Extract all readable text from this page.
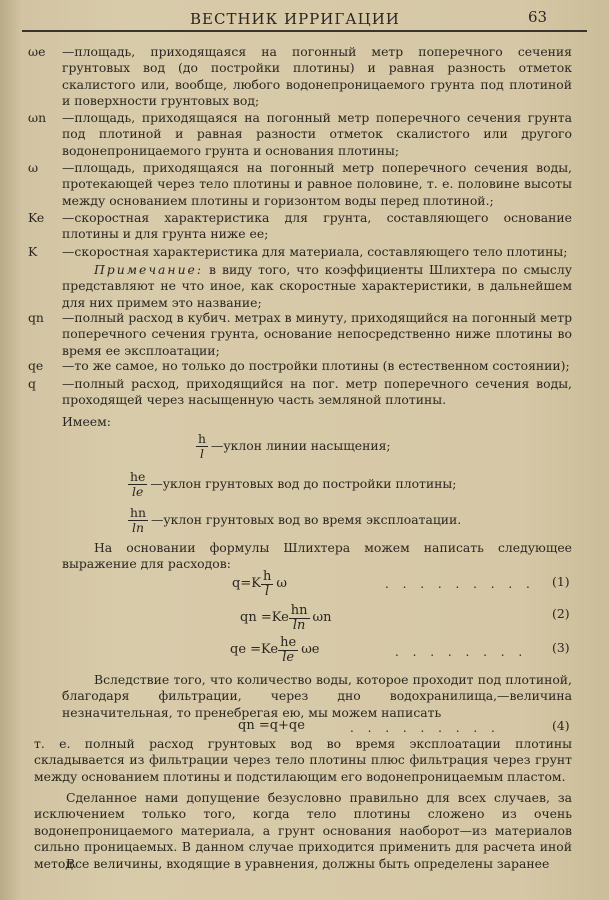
ВЕСТНИК ИРРИГАЦИИ	63
ωe —площадь, приходящаяся на погонный метр поперечного сечения грунтовых вод (до постройки плотины) и равная разность отметок скалистого или, вообще, любого водонепроницаемого грунта под плотиной и поверхности грунтовых вод;
ωn —площадь, приходящаяся на погонный метр поперечного сечения грунта под плотиной и равная разности отметок скалистого или другого водонепроницаемого грунта и основания плотины;
ω —площадь, приходящаяся на погонный метр поперечного сечения воды, протекающей через тело плотины и равное половине, т. е. половине высоты между основанием плотины и горизонтом воды перед плотиной.;
Ke —скоростная характеристика для грунта, составляющего основание плотины и для грунта ниже ее;
K —скоростная характеристика для материала, составляющего тело плотины;
Примечание: в виду того, что коэффициенты Шлихтера по смыслу представляют не что иное, как скоростные характеристики, в дальнейшем для них примем это название;
qn —полный расход в кубич. метрах в минуту, приходящийся на погонный метр поперечного сечения грунта, основание непосредственно ниже плотины во время ее эксплоатации;
qe —то же самое, но только до постройки плотины (в естественном состоянии);
q —полный расход, приходящийся на пог. метр поперечного сечения воды, проходящей через насыщенную часть земляной плотины.
Имеем:
$\frac{h}{l}$ —уклон линии насыщения;
$\frac{he}{le}$ —уклон грунтовых вод до постройки плотины;
$\frac{hn}{\ln}$ —уклон грунтовых вод во время эксплоатации.
На основании формулы Шлихтера можем написать следующее выражение для расходов:
$q=K \frac{h}{l}$ ω	. . . . . . . . . (1)
qn $=Ke \frac{hn}{\ln}$ ωn	(2)
qe $=Ke \frac{he}{le}$ ωe	. . . . . . . . (3)
Вследствие того, что количество воды, которое проходит под плотиной, благодаря фильтрации, через дно водохранилища,—величина незначительная, то пренебрегая ею, мы можем написать
qn =q+qe	. . . . . . . . .	(4)
т. е. полный расход грунтовых вод во время эксплоатации плотины складывается из фильтрации через тело плотины плюс фильтрация через грунт между основанием плотины и подстилающим его водонепроницаемым пластом.
Сделанное нами допущение безусловно правильно для всех случаев, за исключением только того, когда тело плотины сложено из очень водонепроницаемого материала, а грунт основания наоборот—из материалов сильно проницаемых. В данном случае приходится применить для расчета иной метод.
Все величины, входящие в уравнения, должны быть определены заранее
